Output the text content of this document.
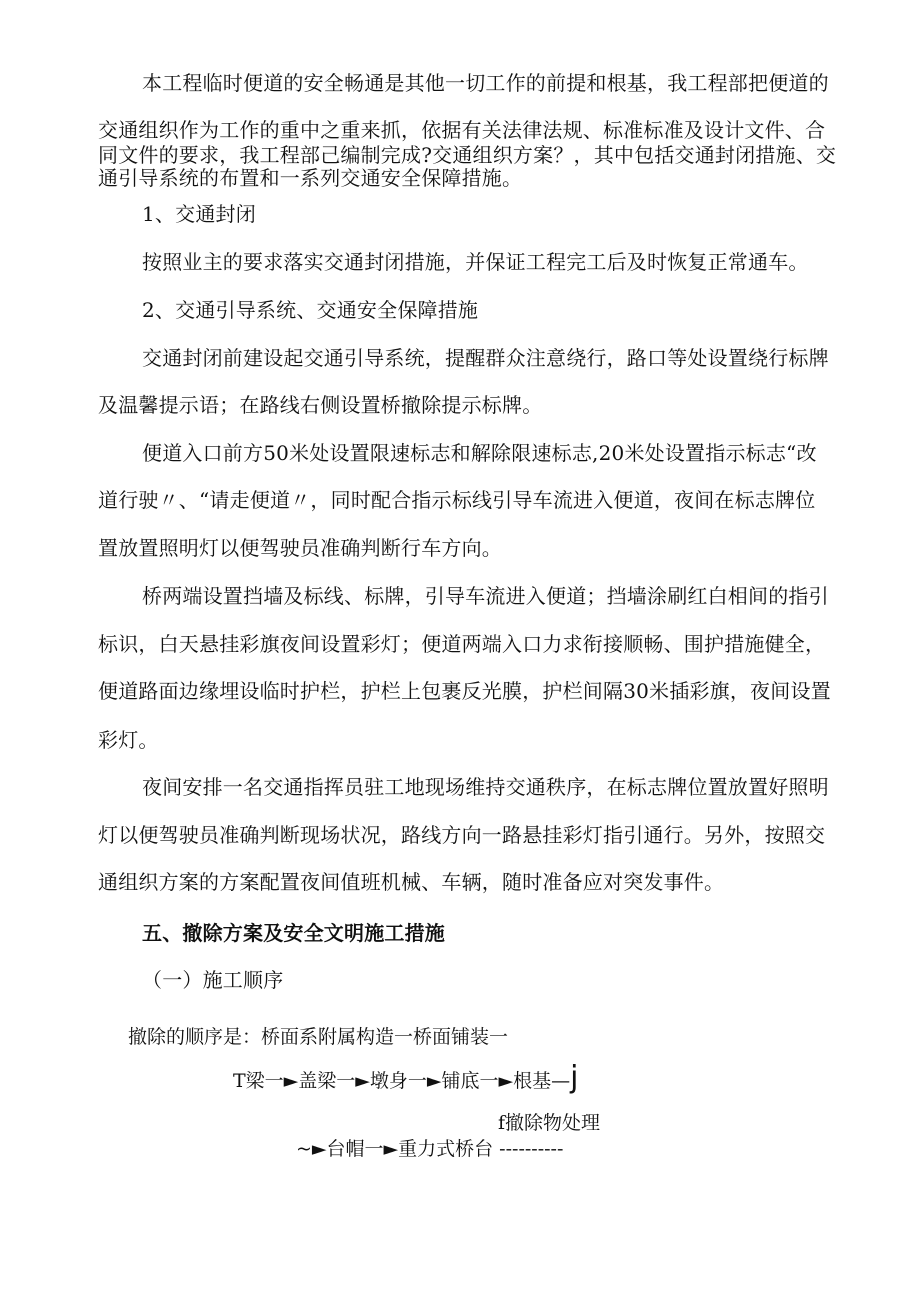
本工程临时便道的安全畅通是其他一切工作的前提和根基，我工程部把便道的
交通组织作为工作的重中之重来抓，依据有关法律法规、标准标准及设计文件、合
同文件的要求，我工程部己编制完成?交通组织方案？，其中包括交通封闭措施、交
通引导系统的布置和一系列交通安全保障措施。
1、交通封闭
按照业主的要求落实交通封闭措施，并保证工程完工后及时恢复正常通车。
2、交通引导系统、交通安全保障措施
交通封闭前建设起交通引导系统，提醒群众注意绕行，路口等处设置绕行标牌
及温馨提示语；在路线右侧设置桥撤除提示标牌。
便道入口前方50米处设置限速标志和解除限速标志,20米处设置指示标志“改
道行驶〃、“请走便道〃，同时配合指示标线引导车流进入便道，夜间在标志牌位
置放置照明灯以便驾驶员准确判断行车方向。
桥两端设置挡墙及标线、标牌，引导车流进入便道；挡墙涂刷红白相间的指引
标识，白天悬挂彩旗夜间设置彩灯；便道两端入口力求衔接顺畅、围护措施健全，
便道路面边缘埋设临时护栏，护栏上包裹反光膜，护栏间隔30米插彩旗，夜间设置
彩灯。
夜间安排一名交通指挥员驻工地现场维持交通秩序，在标志牌位置放置好照明
灯以便驾驶员准确判断现场状况，路线方向一路悬挂彩灯指引通行。另外，按照交
通组织方案的方案配置夜间值班机械、车辆，随时准备应对突发事件。
五、撤除方案及安全文明施工措施
（一）施工顺序
撤除的顺序是：桥面系附属构造一桥面铺装一
T梁一►盖梁一►墩身一►铺底一►根基—j
f撤除物处理
~►台帽一►重力式桥台 ----------
